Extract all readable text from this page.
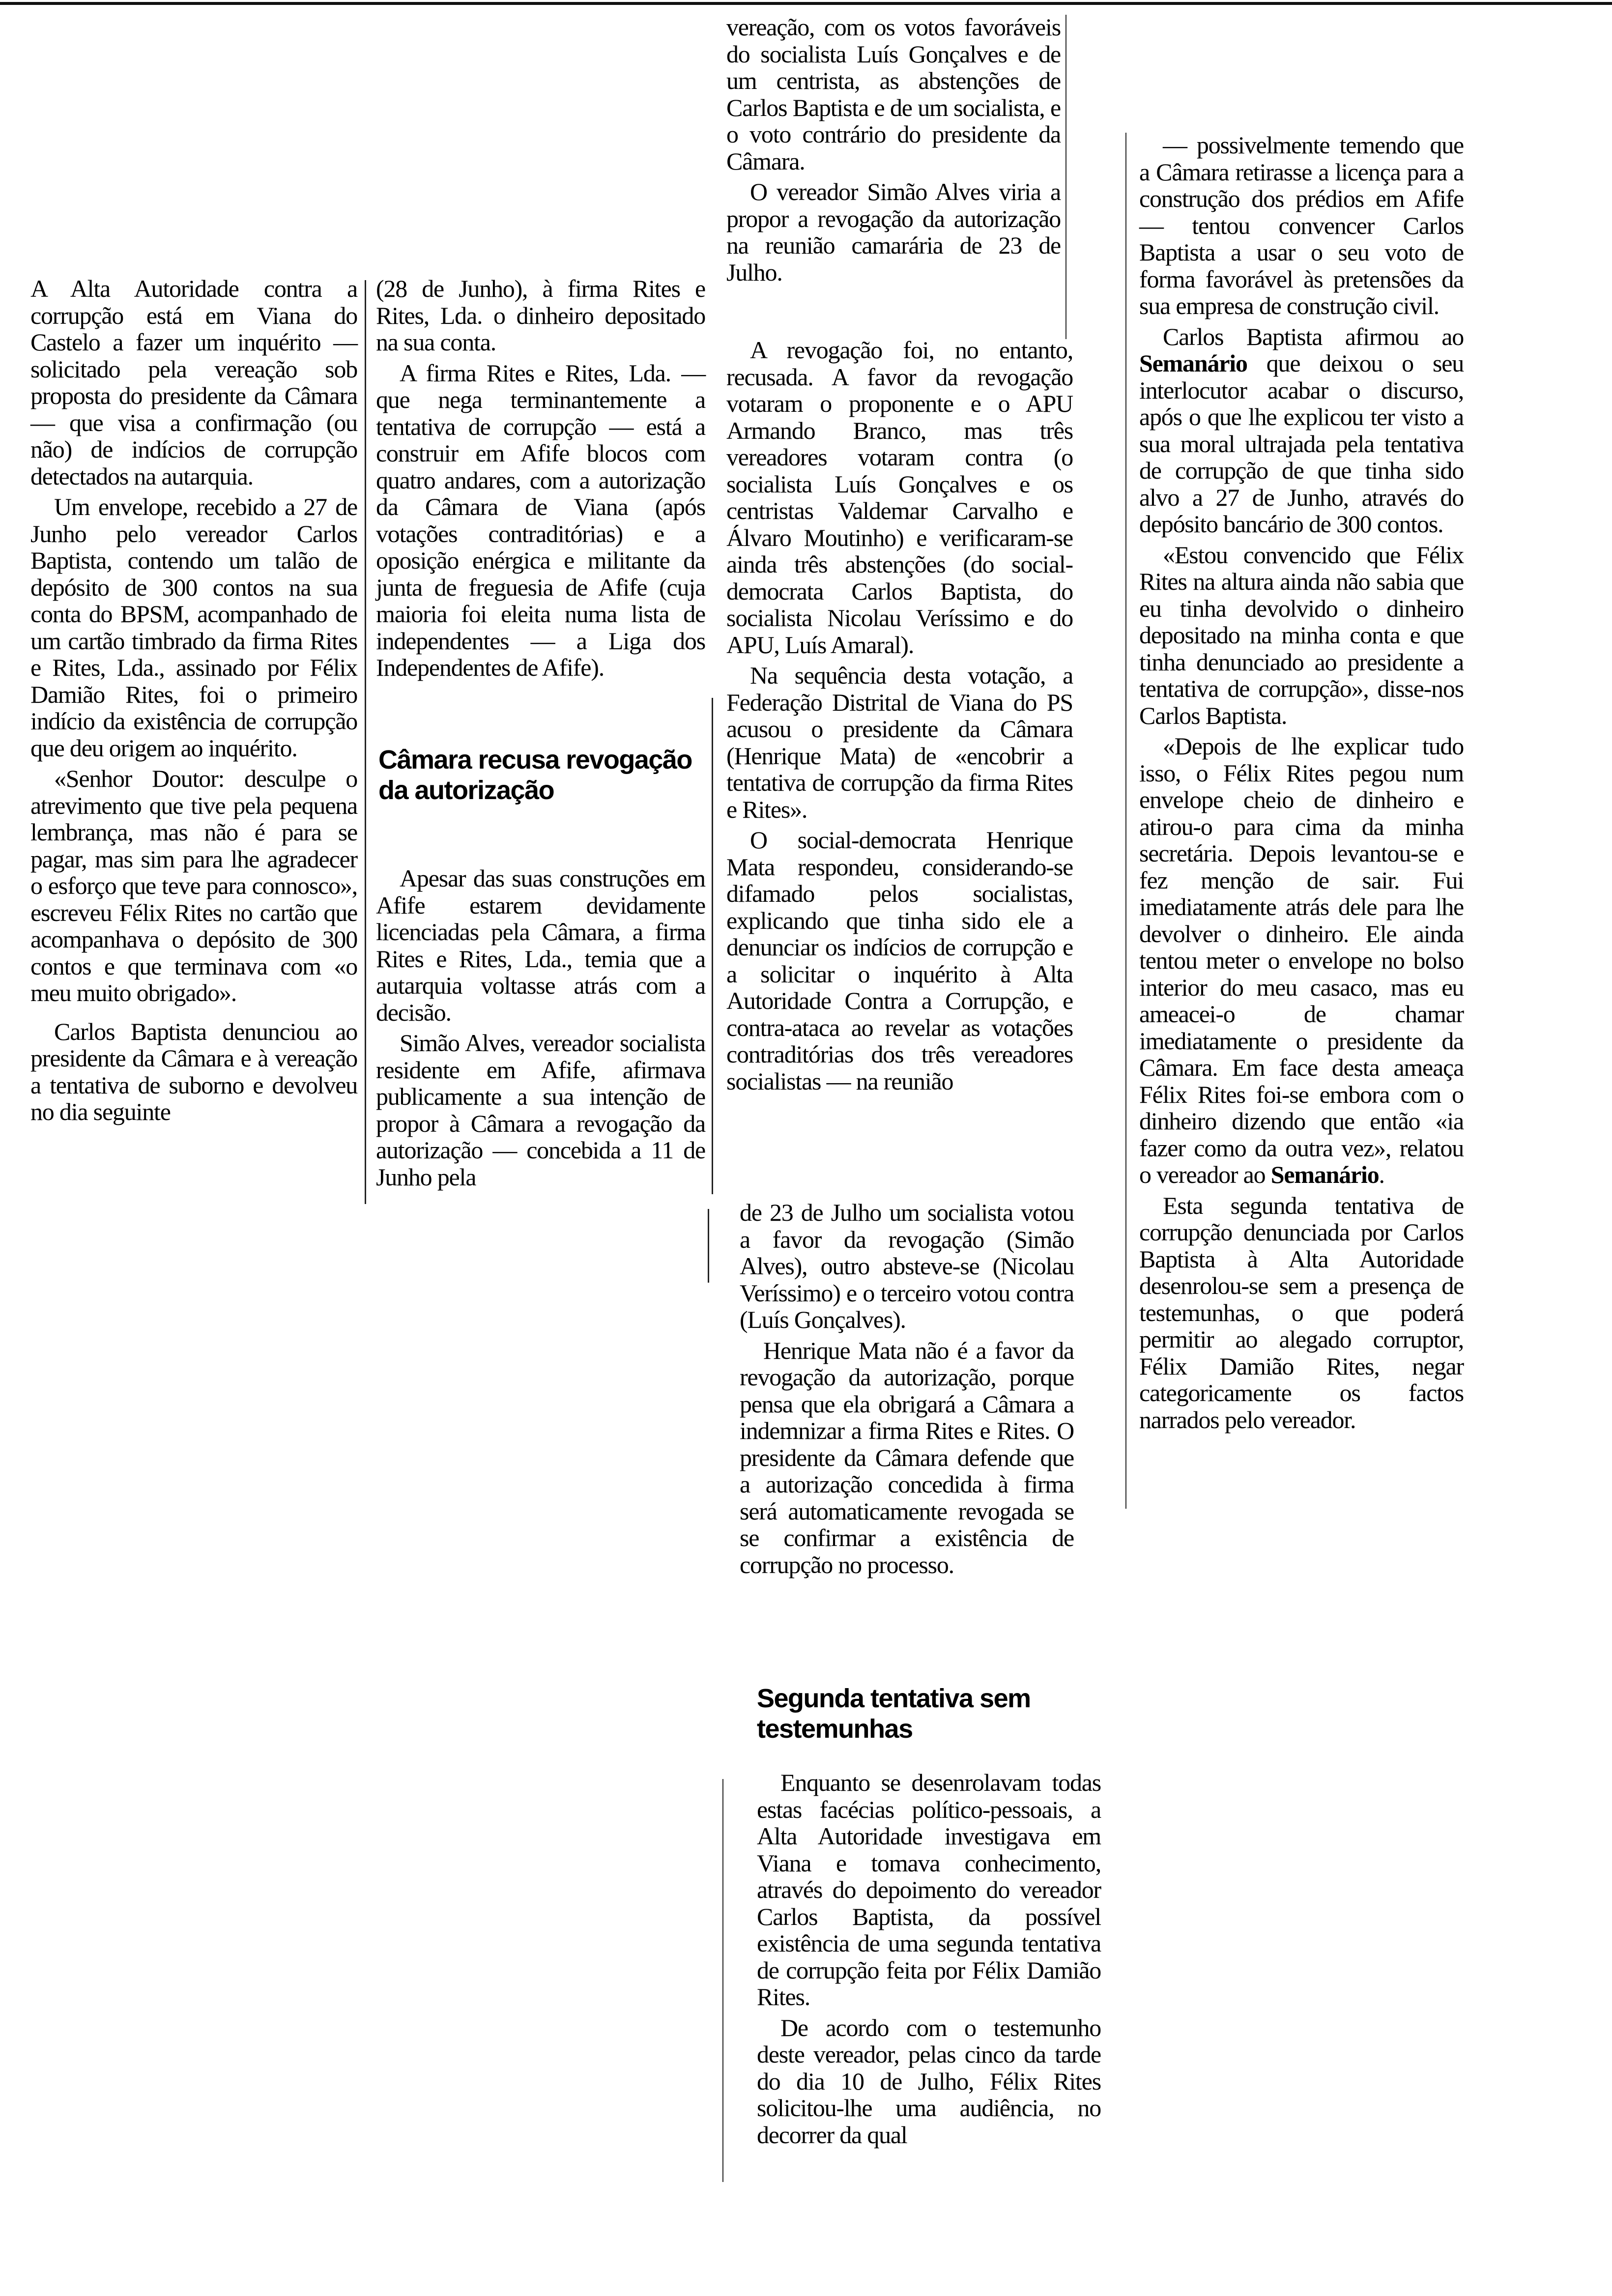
A Alta Autoridade contra a corrupção está em Viana do Castelo a fazer um inquérito — solicitado pela vereação sob proposta do presidente da Câmara — que visa a confirmação (ou não) de indícios de corrupção detectados na autarquia.

Um envelope, recebido a 27 de Junho pelo vereador Carlos Baptista, contendo um talão de depósito de 300 contos na sua conta do BPSM, acompanhado de um cartão timbrado da firma Rites e Rites, Lda., assinado por Félix Damião Rites, foi o primeiro indício da existência de corrupção que deu origem ao inquérito.

«Senhor Doutor: desculpe o atrevimento que tive pela pequena lembrança, mas não é para se pagar, mas sim para lhe agradecer o esforço que teve para connosco», escreveu Félix Rites no cartão que acompanhava o depósito de 300 contos e que terminava com «o meu muito obrigado».

Carlos Baptista denunciou ao presidente da Câmara e à vereação a tentativa de suborno e devolveu no dia seguinte

(28 de Junho), à firma Rites e Rites, Lda. o dinheiro depositado na sua conta.

A firma Rites e Rites, Lda. — que nega terminantemente a tentativa de corrupção — está a construir em Afife blocos com quatro andares, com a autorização da Câmara de Viana (após votações contraditórias) e a oposição enérgica e militante da junta de freguesia de Afife (cuja maioria foi eleita numa lista de independentes — a Liga dos Independentes de Afife).

Câmara recusa revogação da autorização

Apesar das suas construções em Afife estarem devidamente licenciadas pela Câmara, a firma Rites e Rites, Lda., temia que a autarquia voltasse atrás com a decisão.

Simão Alves, vereador socialista residente em Afife, afirmava publicamente a sua intenção de propor à Câmara a revogação da autorização — concebida a 11 de Junho pela

vereação, com os votos favoráveis do socialista Luís Gonçalves e de um centrista, as abstenções de Carlos Baptista e de um socialista, e o voto contrário do presidente da Câmara.

O vereador Simão Alves viria a propor a revogação da autorização na reunião camarária de 23 de Julho.

A revogação foi, no entanto, recusada. A favor da revogação votaram o proponente e o APU Armando Branco, mas três vereadores votaram contra (o socialista Luís Gonçalves e os centristas Valdemar Carvalho e Álvaro Moutinho) e verificaram-se ainda três abstenções (do social-democrata Carlos Baptista, do socialista Nicolau Veríssimo e do APU, Luís Amaral).

Na sequência desta votação, a Federação Distrital de Viana do PS acusou o presidente da Câmara (Henrique Mata) de «encobrir a tentativa de corrupção da firma Rites e Rites».

O social-democrata Henrique Mata respondeu, considerando-se difamado pelos socialistas, explicando que tinha sido ele a denunciar os indícios de corrupção e a solicitar o inquérito à Alta Autoridade Contra a Corrupção, e contra-ataca ao revelar as votações contraditórias dos três vereadores socialistas — na reunião

de 23 de Julho um socialista votou a favor da revogação (Simão Alves), outro absteve-se (Nicolau Veríssimo) e o terceiro votou contra (Luís Gonçalves).

Henrique Mata não é a favor da revogação da autorização, porque pensa que ela obrigará a Câmara a indemnizar a firma Rites e Rites. O presidente da Câmara defende que a autorização concedida à firma será automaticamente revogada se se confirmar a existência de corrupção no processo.

Segunda tentativa sem testemunhas

Enquanto se desenrolavam todas estas facécias político-pessoais, a Alta Autoridade investigava em Viana e tomava conhecimento, através do depoimento do vereador Carlos Baptista, da possível existência de uma segunda tentativa de corrupção feita por Félix Damião Rites.

De acordo com o testemunho deste vereador, pelas cinco da tarde do dia 10 de Julho, Félix Rites solicitou-lhe uma audiência, no decorrer da qual

— possivelmente temendo que a Câmara retirasse a licença para a construção dos prédios em Afife — tentou convencer Carlos Baptista a usar o seu voto de forma favorável às pretensões da sua empresa de construção civil.

Carlos Baptista afirmou ao Semanário que deixou o seu interlocutor acabar o discurso, após o que lhe explicou ter visto a sua moral ultrajada pela tentativa de corrupção de que tinha sido alvo a 27 de Junho, através do depósito bancário de 300 contos.

«Estou convencido que Félix Rites na altura ainda não sabia que eu tinha devolvido o dinheiro depositado na minha conta e que tinha denunciado ao presidente a tentativa de corrupção», disse-nos Carlos Baptista.

«Depois de lhe explicar tudo isso, o Félix Rites pegou num envelope cheio de dinheiro e atirou-o para cima da minha secretária. Depois levantou-se e fez menção de sair. Fui imediatamente atrás dele para lhe devolver o dinheiro. Ele ainda tentou meter o envelope no bolso interior do meu casaco, mas eu ameacei-o de chamar imediatamente o presidente da Câmara. Em face desta ameaça Félix Rites foi-se embora com o dinheiro dizendo que então «ia fazer como da outra vez», relatou o vereador ao Semanário.

Esta segunda tentativa de corrupção denunciada por Carlos Baptista à Alta Autoridade desenrolou-se sem a presença de testemunhas, o que poderá permitir ao alegado corruptor, Félix Damião Rites, negar categoricamente os factos narrados pelo vereador.
